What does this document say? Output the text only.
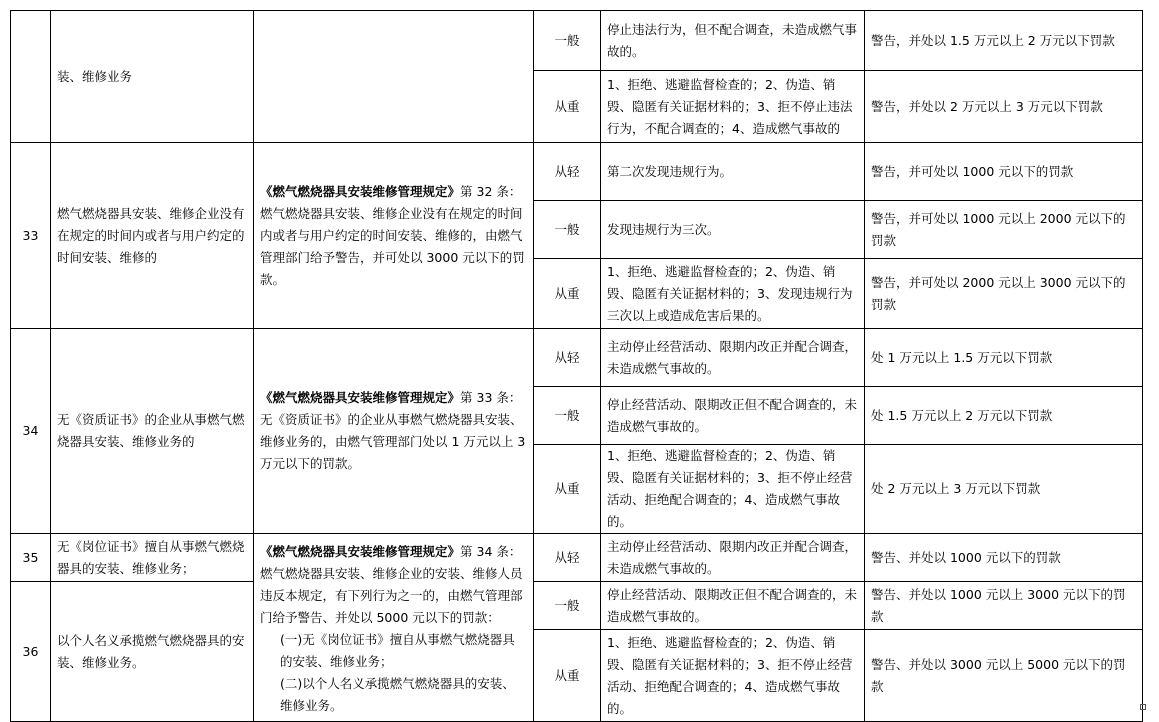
	装、维修业务		一般	停止违法行为，但不配合调查，未造成燃气事故的。	警告，并处以 1.5 万元以上 2 万元以下罚款
			从重	1、拒绝、逃避监督检查的；2、伪造、销毁、隐匿有关证据材料的；3、拒不停止违法行为，不配合调查的；4、造成燃气事故的	警告，并处以 2 万元以上 3 万元以下罚款
33	燃气燃烧器具安装、维修企业没有在规定的时间内或者与用户约定的时间安装、维修的	《燃气燃烧器具安装维修管理规定》第 32 条：燃气燃烧器具安装、维修企业没有在规定的时间内或者与用户约定的时间安装、维修的，由燃气管理部门给予警告，并可处以 3000 元以下的罚款。	从轻	第二次发现违规行为。	警告，并可处以 1000 元以下的罚款
			一般	发现违规行为三次。	警告，并可处以 1000 元以上 2000 元以下的罚款
			从重	1、拒绝、逃避监督检查的；2、伪造、销毁、隐匿有关证据材料的；3、发现违规行为三次以上或造成危害后果的。	警告，并可处以 2000 元以上 3000 元以下的罚款
34	无《资质证书》的企业从事燃气燃烧器具安装、维修业务的	《燃气燃烧器具安装维修管理规定》第 33 条：无《资质证书》的企业从事燃气燃烧器具安装、维修业务的，由燃气管理部门处以 1 万元以上 3 万元以下的罚款。	从轻	主动停止经营活动、限期内改正并配合调查，未造成燃气事故的。	处 1 万元以上 1.5 万元以下罚款
			一般	停止经营活动、限期改正但不配合调查的，未造成燃气事故的。	处 1.5 万元以上 2 万元以下罚款
			从重	1、拒绝、逃避监督检查的；2、伪造、销毁、隐匿有关证据材料的；3、拒不停止经营活动、拒绝配合调查的；4、造成燃气事故的。	处 2 万元以上 3 万元以下罚款
35	无《岗位证书》擅自从事燃气燃烧器具的安装、维修业务；	《燃气燃烧器具安装维修管理规定》第 34 条：燃气燃烧器具安装、维修企业的安装、维修人员违反本规定，有下列行为之一的，由燃气管理部门给予警告、并处以 5000 元以下的罚款：
(一)无《岗位证书》擅自从事燃气燃烧器具的安装、维修业务；
(二)以个人名义承揽燃气燃烧器具的安装、维修业务。	从轻	主动停止经营活动、限期内改正并配合调查，未造成燃气事故的。	警告、并处以 1000 元以下的罚款
36	以个人名义承揽燃气燃烧器具的安装、维修业务。		一般	停止经营活动、限期改正但不配合调查的，未造成燃气事故的。	警告、并处以 1000 元以上 3000 元以下的罚款
			从重	1、拒绝、逃避监督检查的；2、伪造、销毁、隐匿有关证据材料的；3、拒不停止经营活动、拒绝配合调查的；4、造成燃气事故的。	警告、并处以 3000 元以上 5000 元以下的罚款
